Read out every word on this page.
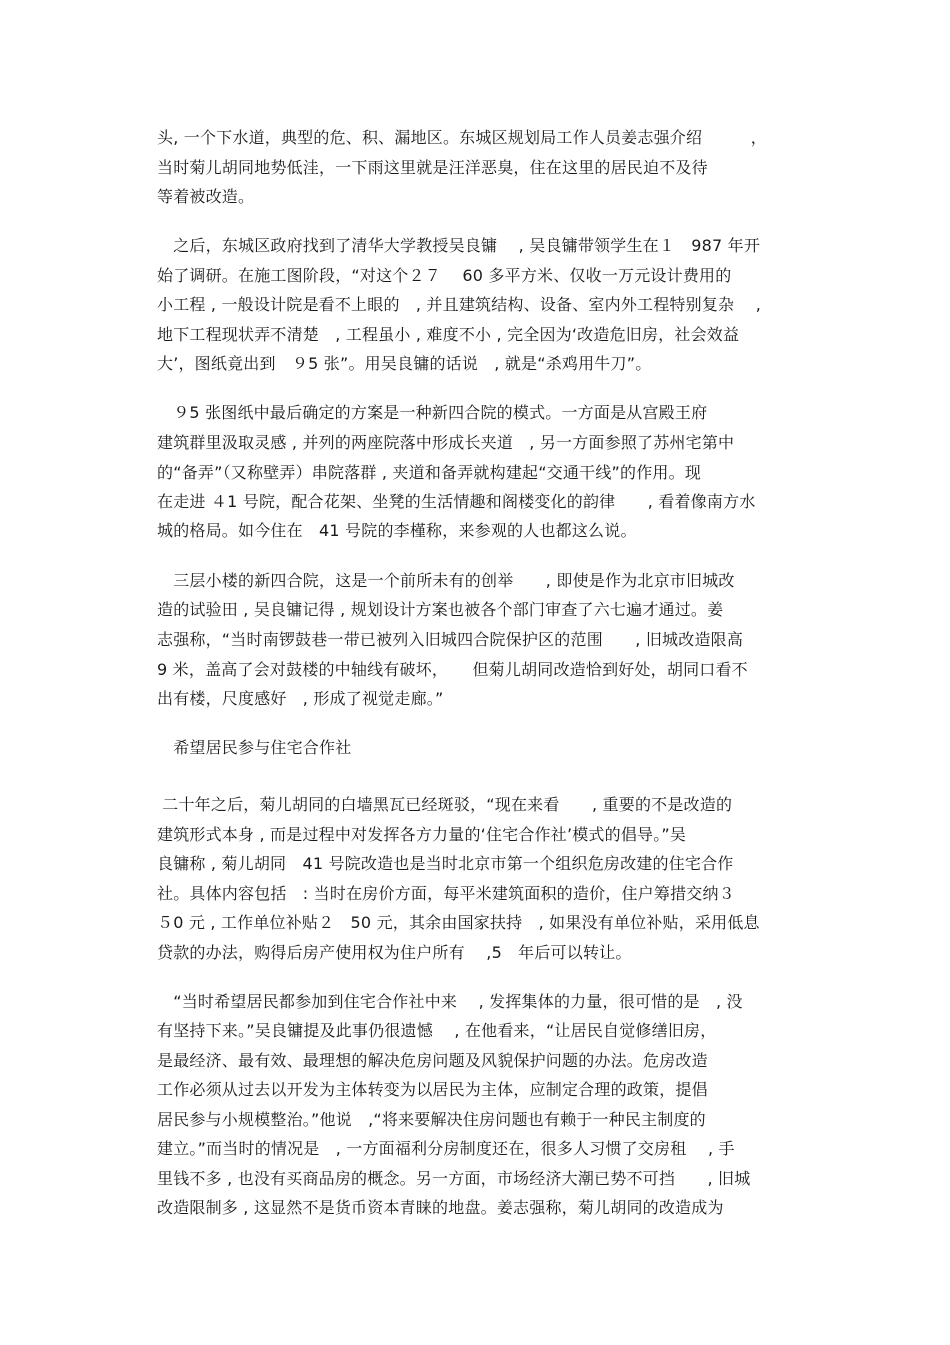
头, 一个下水道，典型的危、积、漏地区。东城区规划局工作人员姜志强介绍　　　，
当时菊儿胡同地势低洼，一下雨这里就是汪洋恶臭，住在这里的居民迫不及待
等着被改造。
　之后，东城区政府找到了清华大学教授吴良镛　 , 吴良镛带领学生在１　987 年开
始了调研。在施工图阶段，“对这个２７　 60 多平方米、仅收一万元设计费用的
小工程 , 一般设计院是看不上眼的　, 并且建筑结构、设备、室内外工程特别复杂　 ,
地下工程现状弄不清楚　, 工程虽小 , 难度不小 , 完全因为‘改造危旧房，社会效益
大’，图纸竟出到　９5 张”。用吴良镛的话说　, 就是“杀鸡用牛刀”。
　９5 张图纸中最后确定的方案是一种新四合院的模式。一方面是从宫殿王府
建筑群里汲取灵感 , 并列的两座院落中形成长夹道　, 另一方面参照了苏州宅第中
的“备弄”（又称壁弄）串院落群 , 夹道和备弄就构建起“交通干线”的作用。现
在走进 ４1 号院，配合花架、坐凳的生活情趣和阁楼变化的韵律　　, 看着像南方水
城的格局。如今住在　41 号院的李槿称，来参观的人也都这么说。
　三层小楼的新四合院，这是一个前所未有的创举　　, 即使是作为北京市旧城改
造的试验田 , 吴良镛记得 , 规划设计方案也被各个部门审查了六七遍才通过。姜
志强称，“当时南锣鼓巷一带已被列入旧城四合院保护区的范围　　, 旧城改造限高
9 米，盖高了会对鼓楼的中轴线有破坏，　　但菊儿胡同改造恰到好处，胡同口看不
出有楼，尺度感好　, 形成了视觉走廊。”
　希望居民参与住宅合作社
二十年之后，菊儿胡同的白墙黑瓦已经斑驳，“现在来看　　, 重要的不是改造的
建筑形式本身 , 而是过程中对发挥各方力量的‘住宅合作社’模式的倡导。”吴
良镛称 , 菊儿胡同　41 号院改造也是当时北京市第一个组织危房改建的住宅合作
社。具体内容包括　: 当时在房价方面，每平米建筑面积的造价，住户筹措交纳３
５0 元 , 工作单位补贴２　50 元，其余由国家扶持　, 如果没有单位补贴，采用低息
贷款的办法，购得后房产使用权为住户所有　 ,5　年后可以转让。
　“当时希望居民都参加到住宅合作社中来　 , 发挥集体的力量，很可惜的是　, 没
有坚持下来。”吴良镛提及此事仍很遗憾　 , 在他看来，“让居民自觉修缮旧房，
是最经济、最有效、最理想的解决危房问题及风貌保护问题的办法。危房改造
工作必须从过去以开发为主体转变为以居民为主体，应制定合理的政策，提倡
居民参与小规模整治。”他说　,“将来要解决住房问题也有赖于一种民主制度的
建立。”而当时的情况是　, 一方面福利分房制度还在，很多人习惯了交房租　 , 手
里钱不多 , 也没有买商品房的概念。另一方面，市场经济大潮已势不可挡　　, 旧城
改造限制多 , 这显然不是货币资本青睐的地盘。姜志强称，菊儿胡同的改造成为
